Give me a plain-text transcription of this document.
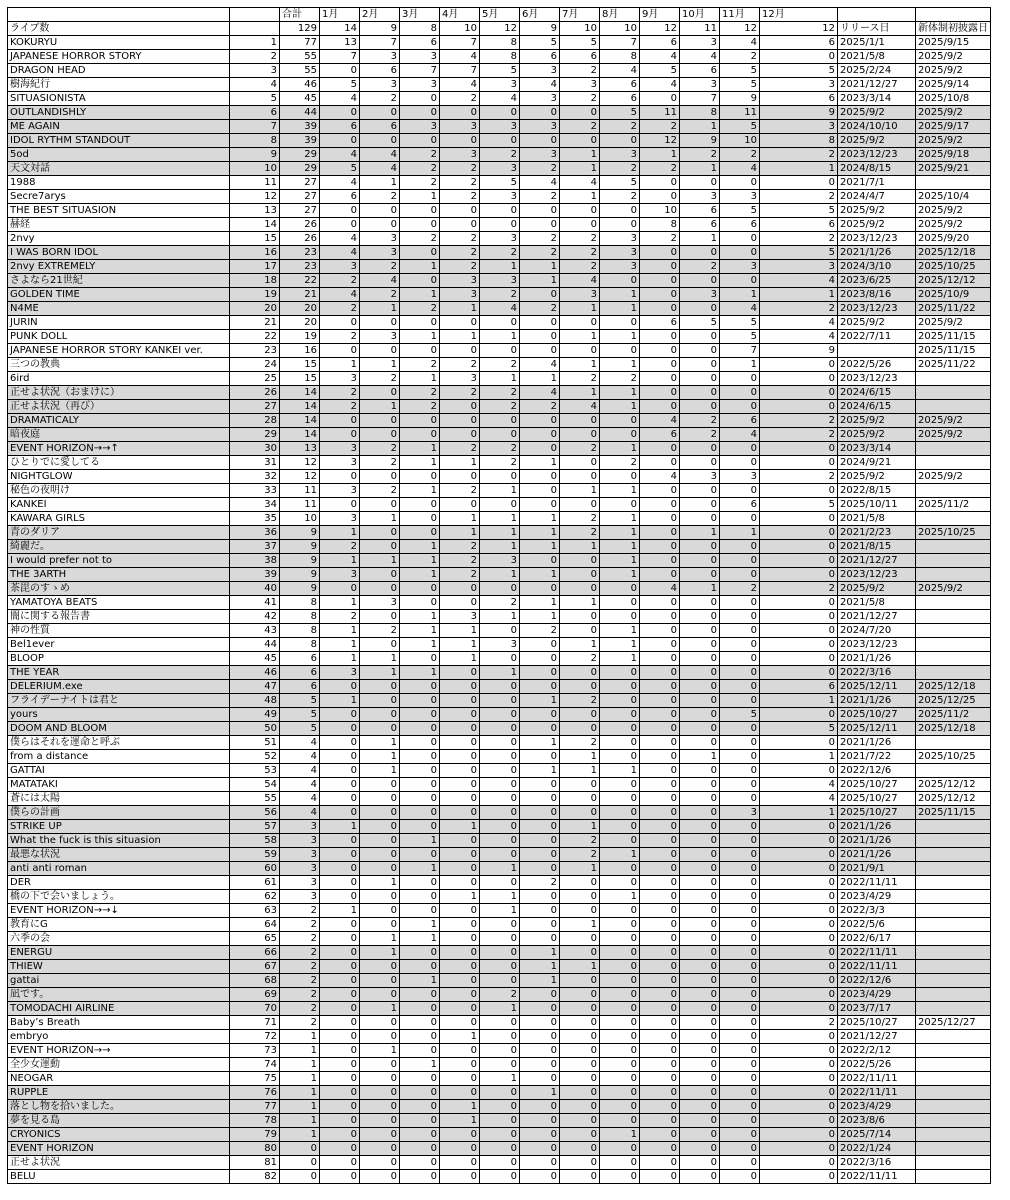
		合計	1月	2月	3月	4月	5月	6月	7月	8月	9月	10月	11月	12月		
ライブ数		129	14	9	8	10	12	9	10	10	12	11	12	12	リリース日	新体制初披露日
KOKURYU	1	77	13	7	6	7	8	5	5	7	6	3	4	6	2025/1/1	2025/9/15
JAPANESE HORROR STORY	2	55	7	3	3	4	8	6	6	8	4	4	2	0	2021/5/8	2025/9/2
DRAGON HEAD	3	55	0	6	7	7	5	3	2	4	5	6	5	5	2025/2/24	2025/9/2
樹海紀行	4	46	5	3	3	4	3	4	3	6	4	3	5	3	2021/12/27	2025/9/14
SITUASIONISTA	5	45	4	2	0	2	4	3	2	6	0	7	9	6	2023/3/14	2025/10/8
OUTLANDISHLY	6	44	0	0	0	0	0	0	0	5	11	8	11	9	2025/9/2	2025/9/2
ME AGAIN	7	39	6	6	3	3	3	3	2	2	2	1	5	3	2024/10/10	2025/9/17
IDOL RYTHM STANDOUT	8	39	0	0	0	0	0	0	0	0	12	9	10	8	2025/9/2	2025/9/2
5od	9	29	4	4	2	3	2	3	1	3	1	2	2	2	2023/12/23	2025/9/18
天文対話	10	29	5	4	2	2	3	2	1	2	2	1	4	1	2024/8/15	2025/9/21
1988	11	27	4	1	2	2	5	4	4	5	0	0	0	0	2021/7/1	
Secre7arys	12	27	6	2	1	2	3	2	1	2	0	3	3	2	2024/4/7	2025/10/4
THE BEST SITUASION	13	27	0	0	0	0	0	0	0	0	10	6	5	5	2025/9/2	2025/9/2
赫経	14	26	0	0	0	0	0	0	0	0	8	6	6	6	2025/9/2	2025/9/2
2nvy	15	26	4	3	2	2	3	2	2	3	2	1	0	2	2023/12/23	2025/9/20
I WAS BORN IDOL	16	23	4	3	0	2	2	2	2	3	0	0	0	5	2021/1/26	2025/12/18
2nvy EXTREMELY	17	23	3	2	1	2	1	1	2	3	0	2	3	3	2024/3/10	2025/10/25
さよなら21世紀	18	22	2	4	0	3	3	1	4	0	0	0	0	4	2023/6/25	2025/12/12
GOLDEN TIME	19	21	4	2	1	3	2	0	3	1	0	3	1	1	2023/8/16	2025/10/9
N4ME	20	20	2	1	2	1	4	2	1	1	0	0	4	2	2023/12/23	2025/11/22
JURIN	21	20	0	0	0	0	0	0	0	0	6	5	5	4	2025/9/2	2025/9/2
PUNK DOLL	22	19	2	3	1	1	1	0	1	1	0	0	5	4	2022/7/11	2025/11/15
JAPANESE HORROR STORY KANKEI ver.	23	16	0	0	0	0	0	0	0	0	0	0	7	9		2025/11/15
三つの教典	24	15	1	1	2	2	2	4	1	1	0	0	1	0	2022/5/26	2025/11/22
6ird	25	15	3	2	1	3	1	1	2	2	0	0	0	0	2023/12/23	
正せよ状況（おまけに）	26	14	2	0	2	2	2	4	1	1	0	0	0	0	2024/6/15	
正せよ状況（再び）	27	14	2	1	2	0	2	2	4	1	0	0	0	0	2024/6/15	
DRAMATICALY	28	14	0	0	0	0	0	0	0	0	4	2	6	2	2025/9/2	2025/9/2
暗夜庭	29	14	0	0	0	0	0	0	0	0	6	2	4	2	2025/9/2	2025/9/2
EVENT HORIZON→→↑	30	13	3	2	1	2	2	0	2	1	0	0	0	0	2023/3/14	
ひとりでに愛してる	31	12	3	2	1	1	2	1	0	2	0	0	0	0	2024/9/21	
NIGHTGLOW	32	12	0	0	0	0	0	0	0	0	4	3	3	2	2025/9/2	2025/9/2
秘色の夜明け	33	11	3	2	1	2	1	0	1	1	0	0	0	0	2022/8/15	
KANKEI	34	11	0	0	0	0	0	0	0	0	0	0	6	5	2025/10/11	2025/11/2
KAWARA GIRLS	35	10	3	1	0	1	1	1	2	1	0	0	0	0	2021/5/8	
青のダリア	36	9	1	0	0	1	1	1	2	1	0	1	1	0	2021/2/23	2025/10/25
綺麗だ。	37	9	2	0	1	2	1	1	1	1	0	0	0	0	2021/8/15	
I would prefer not to	38	9	1	1	1	2	3	0	0	1	0	0	0	0	2021/12/27	
THE 3ARTH	39	9	3	0	1	2	1	1	0	1	0	0	0	0	2023/12/23	
茶毘のすゝめ	40	9	0	0	0	0	0	0	0	0	4	1	2	2	2025/9/2	2025/9/2
YAMATOYA BEATS	41	8	1	3	0	0	2	1	1	0	0	0	0	0	2021/5/8	
闇に関する報告書	42	8	2	0	1	3	1	1	0	0	0	0	0	0	2021/12/27	
神の性質	43	8	1	2	1	1	0	2	0	1	0	0	0	0	2024/7/20	
Bel1ever	44	8	1	0	1	1	3	0	1	1	0	0	0	0	2023/12/23	
BLOOP	45	6	1	1	0	1	0	0	2	1	0	0	0	0	2021/1/26	
THE YEAR	46	6	3	1	1	0	1	0	0	0	0	0	0	0	2022/3/16	
DELERIUM.exe	47	6	0	0	0	0	0	0	0	0	0	0	0	6	2025/12/11	2025/12/18
フライデーナイトは君と	48	5	1	0	0	0	0	1	2	0	0	0	0	1	2021/1/26	2025/12/25
yours	49	5	0	0	0	0	0	0	0	0	0	0	5	0	2025/10/27	2025/11/2
DOOM AND BLOOM	50	5	0	0	0	0	0	0	0	0	0	0	0	5	2025/12/11	2025/12/18
僕らはそれを運命と呼ぶ	51	4	0	1	0	0	0	1	2	0	0	0	0	0	2021/1/26	
from a distance	52	4	0	1	0	0	0	0	1	0	0	1	0	1	2021/7/22	2025/10/25
GATTAI	53	4	0	1	0	0	0	1	1	1	0	0	0	0	2022/12/6	
MATATAKI	54	4	0	0	0	0	0	0	0	0	0	0	0	4	2025/10/27	2025/12/12
蒼には太陽	55	4	0	0	0	0	0	0	0	0	0	0	0	4	2025/10/27	2025/12/12
僕らの計画	56	4	0	0	0	0	0	0	0	0	0	0	3	1	2025/10/27	2025/11/15
STRIKE UP	57	3	1	0	0	1	0	0	1	0	0	0	0	0	2021/1/26	
What the fuck is this situasion	58	3	0	0	1	0	0	0	2	0	0	0	0	0	2021/1/26	
最悪な状況	59	3	0	0	0	0	0	0	2	1	0	0	0	0	2021/1/26	
anti anti roman	60	3	0	0	1	0	1	0	1	0	0	0	0	0	2021/9/1	
DER	61	3	0	1	0	0	0	2	0	0	0	0	0	0	2022/11/11	
橋の下で会いましょう。	62	3	0	0	0	1	1	0	0	1	0	0	0	0	2023/4/29	
EVENT HORIZON→→↓	63	2	1	0	0	0	1	0	0	0	0	0	0	0	2022/3/3	
教育にG	64	2	0	0	1	0	0	0	1	0	0	0	0	0	2022/5/6	
六季の会	65	2	0	1	1	0	0	0	0	0	0	0	0	0	2022/6/17	
ENERGU	66	2	0	1	0	0	0	1	0	0	0	0	0	0	2022/11/11	
THIEW	67	2	0	0	0	0	0	1	1	0	0	0	0	0	2022/11/11	
gattai	68	2	0	0	1	0	0	1	0	0	0	0	0	0	2022/12/6	
凪です。	69	2	0	0	0	0	2	0	0	0	0	0	0	0	2023/4/29	
TOMODACHI AIRLINE	70	2	0	1	0	0	1	0	0	0	0	0	0	0	2023/7/17	
Baby’s Breath	71	2	0	0	0	0	0	0	0	0	0	0	0	2	2025/10/27	2025/12/27
embryo	72	1	0	0	0	1	0	0	0	0	0	0	0	0	2021/12/27	
EVENT HORIZON→→	73	1	0	1	0	0	0	0	0	0	0	0	0	0	2022/2/12	
全少女運動	74	1	0	0	1	0	0	0	0	0	0	0	0	0	2022/5/26	
NEOGAR	75	1	0	0	0	0	1	0	0	0	0	0	0	0	2022/11/11	
RUPPLE	76	1	0	0	0	0	0	1	0	0	0	0	0	0	2022/11/11	
落とし物を拾いました。	77	1	0	0	0	1	0	0	0	0	0	0	0	0	2023/4/29	
夢を見る島	78	1	0	0	0	1	0	0	0	0	0	0	0	0	2023/8/6	
CRYONICS	79	1	0	0	0	0	0	0	0	1	0	0	0	0	2025/7/14	
EVENT HORIZON	80	0	0	0	0	0	0	0	0	0	0	0	0	0	2022/1/24	
正せよ状況	81	0	0	0	0	0	0	0	0	0	0	0	0	0	2022/3/16	
BELU	82	0	0	0	0	0	0	0	0	0	0	0	0	0	2022/11/11	
